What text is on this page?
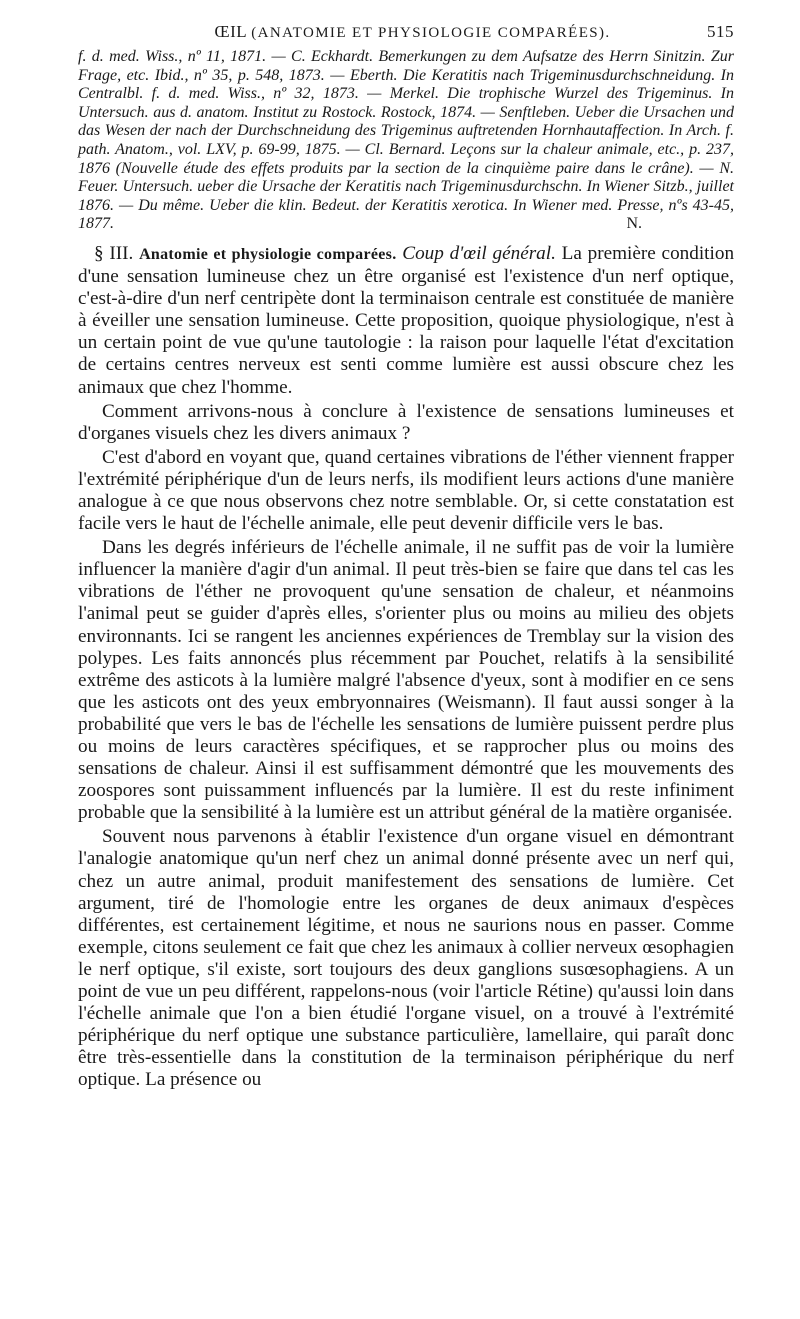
ŒIL (ANATOMIE ET PHYSIOLOGIE COMPARÉES).	515
f. d. med. Wiss., nº 11, 1871. — C. Eckhardt. Bemerkungen zu dem Aufsatze des Herrn Sinitzin. Zur Frage, etc. Ibid., nº 35, p. 548, 1873. — Eberth. Die Keratitis nach Trigeminusdurchschneidung. In Centralbl. f. d. med. Wiss., nº 32, 1873. — Merkel. Die trophische Wurzel des Trigeminus. In Untersuch. aus d. anatom. Institut zu Rostock. Rostock, 1874. — Senftleben. Ueber die Ursachen und das Wesen der nach der Durchschneidung des Trigeminus auftretenden Hornhautaffection. In Arch. f. path. Anatom., vol. LXV, p. 69-99, 1875. — Cl. Bernard. Leçons sur la chaleur animale, etc., p. 237, 1876 (Nouvelle étude des effets produits par la section de la cinquième paire dans le crâne). — N. Feuer. Untersuch. ueber die Ursache der Keratitis nach Trigeminusdurchschn. In Wiener Sitzb., juillet 1876. — Du même. Ueber die klin. Bedeut. der Keratitis xerotica. In Wiener med. Presse, nºs 43-45, 1877.	N.

§ III. Anatomie et physiologie comparées. Coup d'œil général. La première condition d'une sensation lumineuse chez un être organisé est l'existence d'un nerf optique, c'est-à-dire d'un nerf centripète dont la terminaison centrale est constituée de manière à éveiller une sensation lumineuse. Cette proposition, quoique physiologique, n'est à un certain point de vue qu'une tautologie : la raison pour laquelle l'état d'excitation de certains centres nerveux est senti comme lumière est aussi obscure chez les animaux que chez l'homme.

Comment arrivons-nous à conclure à l'existence de sensations lumineuses et d'organes visuels chez les divers animaux ?

C'est d'abord en voyant que, quand certaines vibrations de l'éther viennent frapper l'extrémité périphérique d'un de leurs nerfs, ils modifient leurs actions d'une manière analogue à ce que nous observons chez notre semblable. Or, si cette constatation est facile vers le haut de l'échelle animale, elle peut devenir difficile vers le bas.

Dans les degrés inférieurs de l'échelle animale, il ne suffit pas de voir la lumière influencer la manière d'agir d'un animal. Il peut très-bien se faire que dans tel cas les vibrations de l'éther ne provoquent qu'une sensation de chaleur, et néanmoins l'animal peut se guider d'après elles, s'orienter plus ou moins au milieu des objets environnants. Ici se rangent les anciennes expériences de Tremblay sur la vision des polypes. Les faits annoncés plus récemment par Pouchet, relatifs à la sensibilité extrême des asticots à la lumière malgré l'absence d'yeux, sont à modifier en ce sens que les asticots ont des yeux embryonnaires (Weismann). Il faut aussi songer à la probabilité que vers le bas de l'échelle les sensations de lumière puissent perdre plus ou moins de leurs caractères spécifiques, et se rapprocher plus ou moins des sensations de chaleur. Ainsi il est suffisamment démontré que les mouvements des zoospores sont puissamment influencés par la lumière. Il est du reste infiniment probable que la sensibilité à la lumière est un attribut général de la matière organisée.

Souvent nous parvenons à établir l'existence d'un organe visuel en démontrant l'analogie anatomique qu'un nerf chez un animal donné présente avec un nerf qui, chez un autre animal, produit manifestement des sensations de lumière. Cet argument, tiré de l'homologie entre les organes de deux animaux d'espèces différentes, est certainement légitime, et nous ne saurions nous en passer. Comme exemple, citons seulement ce fait que chez les animaux à collier nerveux œsophagien le nerf optique, s'il existe, sort toujours des deux ganglions susœsophagiens. A un point de vue un peu différent, rappelons-nous (voir l'article Rétine) qu'aussi loin dans l'échelle animale que l'on a bien étudié l'organe visuel, on a trouvé à l'extrémité périphérique du nerf optique une substance particulière, lamellaire, qui paraît donc être très-essentielle dans la constitution de la terminaison périphérique du nerf optique. La présence ou
